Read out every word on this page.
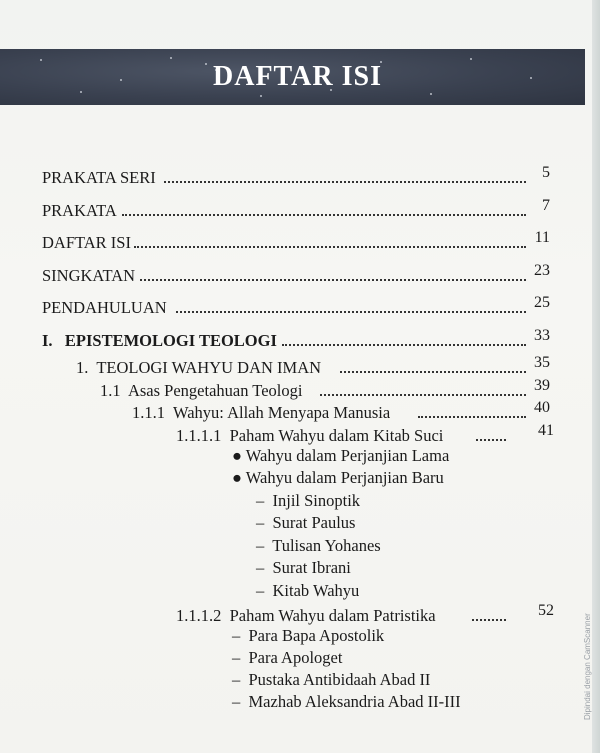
DAFTAR ISI
PRAKATA SERI	5
PRAKATA	7
DAFTAR ISI	11
SINGKATAN	23
PENDAHULUAN	25
I.   EPISTEMOLOGI TEOLOGI	33
1.  TEOLOGI WAHYU DAN IMAN	35
1.1  Asas Pengetahuan Teologi	39
1.1.1  Wahyu: Allah Menyapa Manusia	40
1.1.1.1  Paham Wahyu dalam Kitab Suci	41
● Wahyu dalam Perjanjian Lama
● Wahyu dalam Perjanjian Baru
– Injil Sinoptik
– Surat Paulus
– Tulisan Yohanes
– Surat Ibrani
– Kitab Wahyu
1.1.1.2  Paham Wahyu dalam Patristika	52
– Para Bapa Apostolik
– Para Apologet
– Pustaka Antibidaah Abad II
– Mazhab Aleksandria Abad II-III	Dipindai dengan CamScanner
